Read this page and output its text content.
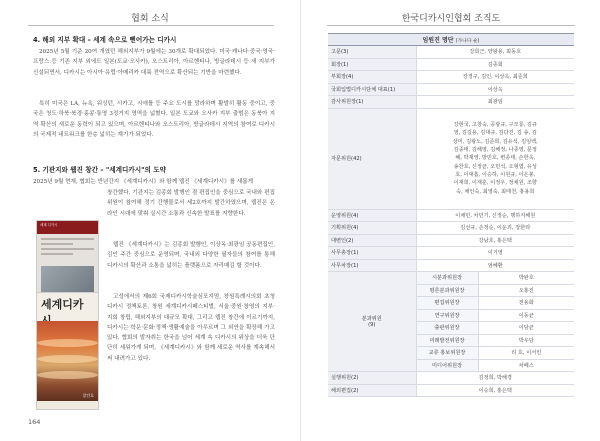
협회 소식
4. 해외 지부 확대 – 세계 속으로 뻗어가는 디카시
2025년 5월 기준 20여 개였던 해외지부가 9월에는 30개로 확대되었다. 미국·캐나다·중국·영국·프랑스 등 기존 지부 외에도 일본(도쿄·오사카), 오스트리아, 아르헨티나, 방글라데시 등 새 지부가 신설되면서, 디카시는 아시아·유럽·아메리카 대륙 전역으로 확산되는 기반을 마련했다.
특히 미국은 LA, 뉴욕, 워싱턴, 시카고, 시애틀 등 주요 도시를 망라하며 활발히 활동 중이고, 중국은 청도·하북·북경·홍콩·통영 3정거지 영역을 넓혔다. 일본 도쿄와 오사카 지부 출범은 동북아 지역 확산의 새로운 동력이 되고 있으며, 아르헨티나와 오스트리아, 방글라데시 지역의 참여로 디카시의 국제적 네트워크를 한층 넓히는 계기가 되었다.
5. 기관지와 웹진 창간 – "세계디카시"의 도약
2025년 9월 현재, 협회는 반년간지 《세계디카시》와 함께 웹진 《세계디카시》를 새롭게
창간했다. 기관지는 김종회 발행인 겸 편집인을 중심으로 국내와 편집위원이 참여해 정기 간행물로서 세2호까지 발간하였으며, 웹진은 온라인 시대에 맞춰 실시간 소통과 신속한 발표를 지향한다.
웹진 《세계디카시》는 김종회 발행인, 이상옥·최광임 공동편집인, 김인 주간 중심으로 운영되며, 국내외 다양한 필자들의 참여를 통해 디카시의 확산과 소통을 넓히는 플랫폼으로 자리매김 할 것이다.
고성에서의 제6회 국제디카시학술심포지엄, 창원특례시의회 초청 디카시 정책토론, 창원 세계디카시페스티벌, 서울·중원·창영의 지부·지회 창립, 해외지부의 대규모 확대, 그리고 웹진 창간에 이르기까지, 디카시는 학문·문화·정책·생활예술을 아우르며 그 외연을 확장해 가고 있다. 협회의 발자취는 한국을 넘어 세계 속 디카시의 위상을 더욱 단단히 세워가게 되며, 《세계디카시》와 함께 새로운 역사를 계속해서 써 내려가고 있다.
세계 디카시
세계디카
창간호
164
한국디카시인협회 조직도
임원진 명단 (가나다 순)		
고문(3)	강희근, 양왕용, 최동호	
회장(1)	김종회	
부회장(4)	강경구, 김인, 이상옥, 최준희	
국회입법디카시단체 대표(1)	이상옥	
감사위원장(1)	최광임	
자문위원(42)	강현국, 고창숙, 공광규, 구모룡, 김규영, 김길용, 김대규, 김다진, 김 송, 김상미, 김왕노, 김준희, 김유석, 김임백, 김종태, 김해영, 김해정, 나종영, 문정혜, 박재영, 방민호, 변종태, 손한옥, 송찬호, 신정균, 오민석, 오형엽, 유성호, 이대흠, 이승하, 이원규, 이은봉, 이재희, 이재훈, 이정우, 정채원, 조향숙, 채인숙, 최영숙, 최태천, 홍용희	
운영위원(4)	이채민, 차민기, 신정순, 행하지해원	
기획위원(4)	김선규, 손정순, 이운괴, 장한라	
대변인(2)	강남호, 홍은택	
사무총장(1)	이기영	
사무차장(1)	엄혜환	

분과위원
(9)	시분과위원장	박완호
	평론분과위원장	오홍진
	편집위원장	전용화
	연구위원장	이동균
	출판위원장	이담균
	미래발전위원장	박우담
	교류 홍보위원장	리 호, 이서린
	미디어위원장	차페스
실행위원(2)	김정희, 박해경	
해외편집(2)	이승희, 홍은택	
